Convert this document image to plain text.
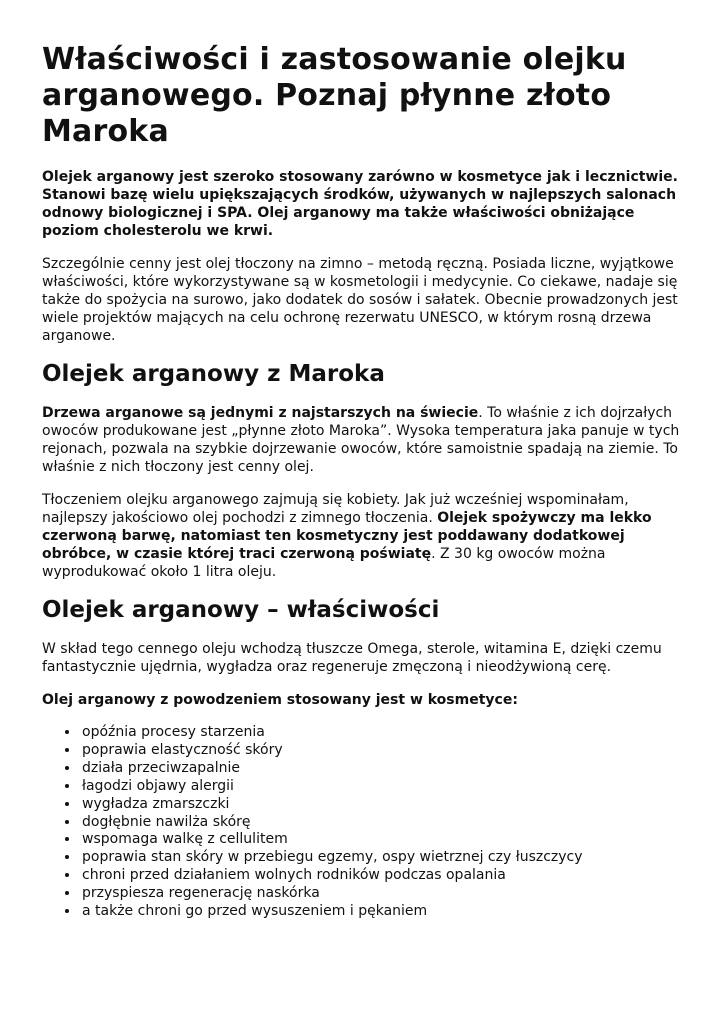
Właściwości i zastosowanie olejku arganowego. Poznaj płynne złoto Maroka

Olejek arganowy jest szeroko stosowany zarówno w kosmetyce jak i lecznictwie. Stanowi bazę wielu upiększających środków, używanych w najlepszych salonach odnowy biologicznej i SPA. Olej arganowy ma także właściwości obniżające poziom cholesterolu we krwi.

Szczególnie cenny jest olej tłoczony na zimno – metodą ręczną. Posiada liczne, wyjątkowe właściwości, które wykorzystywane są w kosmetologii i medycynie. Co ciekawe, nadaje się także do spożycia na surowo, jako dodatek do sosów i sałatek. Obecnie prowadzonych jest wiele projektów mających na celu ochronę rezerwatu UNESCO, w którym rosną drzewa arganowe.

Olejek arganowy z Maroka

Drzewa arganowe są jednymi z najstarszych na świecie. To właśnie z ich dojrzałych owoców produkowane jest „płynne złoto Maroka”. Wysoka temperatura jaka panuje w tych rejonach, pozwala na szybkie dojrzewanie owoców, które samoistnie spadają na ziemie. To właśnie z nich tłoczony jest cenny olej.

Tłoczeniem olejku arganowego zajmują się kobiety. Jak już wcześniej wspominałam, najlepszy jakościowo olej pochodzi z zimnego tłoczenia. Olejek spożywczy ma lekko czerwoną barwę, natomiast ten kosmetyczny jest poddawany dodatkowej obróbce, w czasie której traci czerwoną poświatę. Z 30 kg owoców można wyprodukować około 1 litra oleju.

Olejek arganowy – właściwości

W skład tego cennego oleju wchodzą tłuszcze Omega, sterole, witamina E, dzięki czemu fantastycznie ujędrnia, wygładza oraz regeneruje zmęczoną i nieodżywioną cerę.

Olej arganowy z powodzeniem stosowany jest w kosmetyce:

• opóźnia procesy starzenia
• poprawia elastyczność skóry
• działa przeciwzapalnie
• łagodzi objawy alergii
• wygładza zmarszczki
• dogłębnie nawilża skórę
• wspomaga walkę z cellulitem
• poprawia stan skóry w przebiegu egzemy, ospy wietrznej czy łuszczycy
• chroni przed działaniem wolnych rodników podczas opalania
• przyspiesza regenerację naskórka
• a także chroni go przed wysuszeniem i pękaniem
